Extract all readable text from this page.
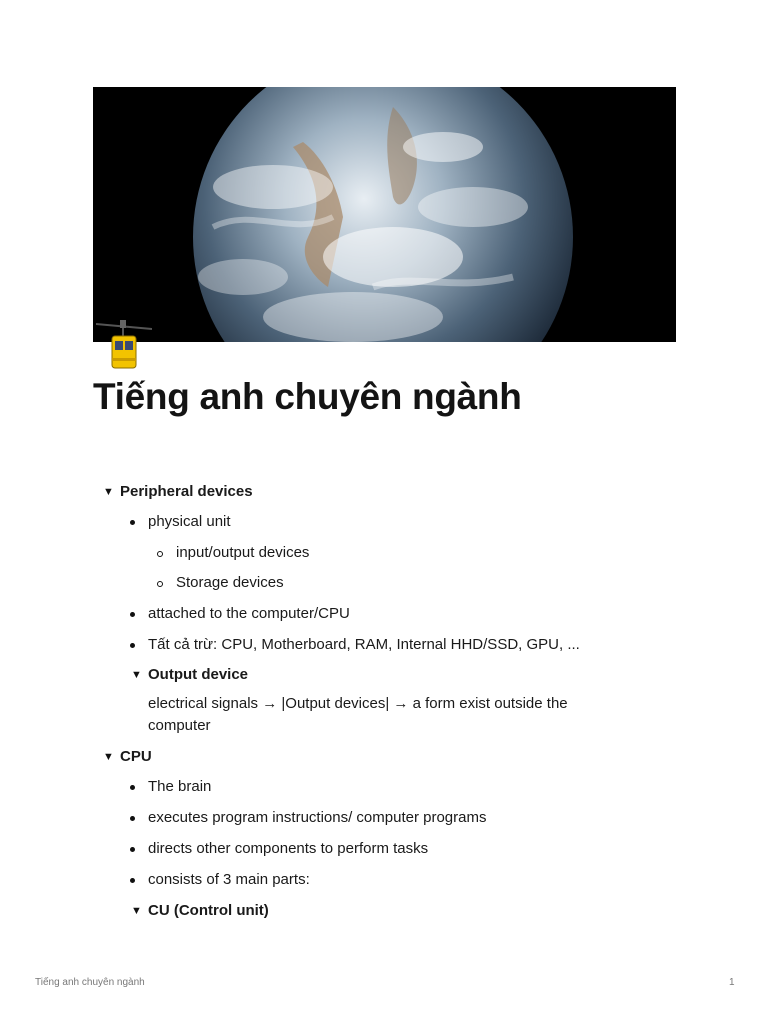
Tiếng anh chuyên ngành
▼ Peripheral devices
physical unit
input/output devices
Storage devices
attached to the computer/CPU
Tất cả trừ: CPU, Motherboard, RAM, Internal HHD/SSD, GPU, ...
▼ Output device
electrical signals → |Output devices| → a form exist outside the computer
▼ CPU
The brain
executes program instructions/ computer programs
directs other components to perform tasks
consists of 3 main parts:
▼ CU (Control unit)
Tiếng anh chuyên ngành	1
